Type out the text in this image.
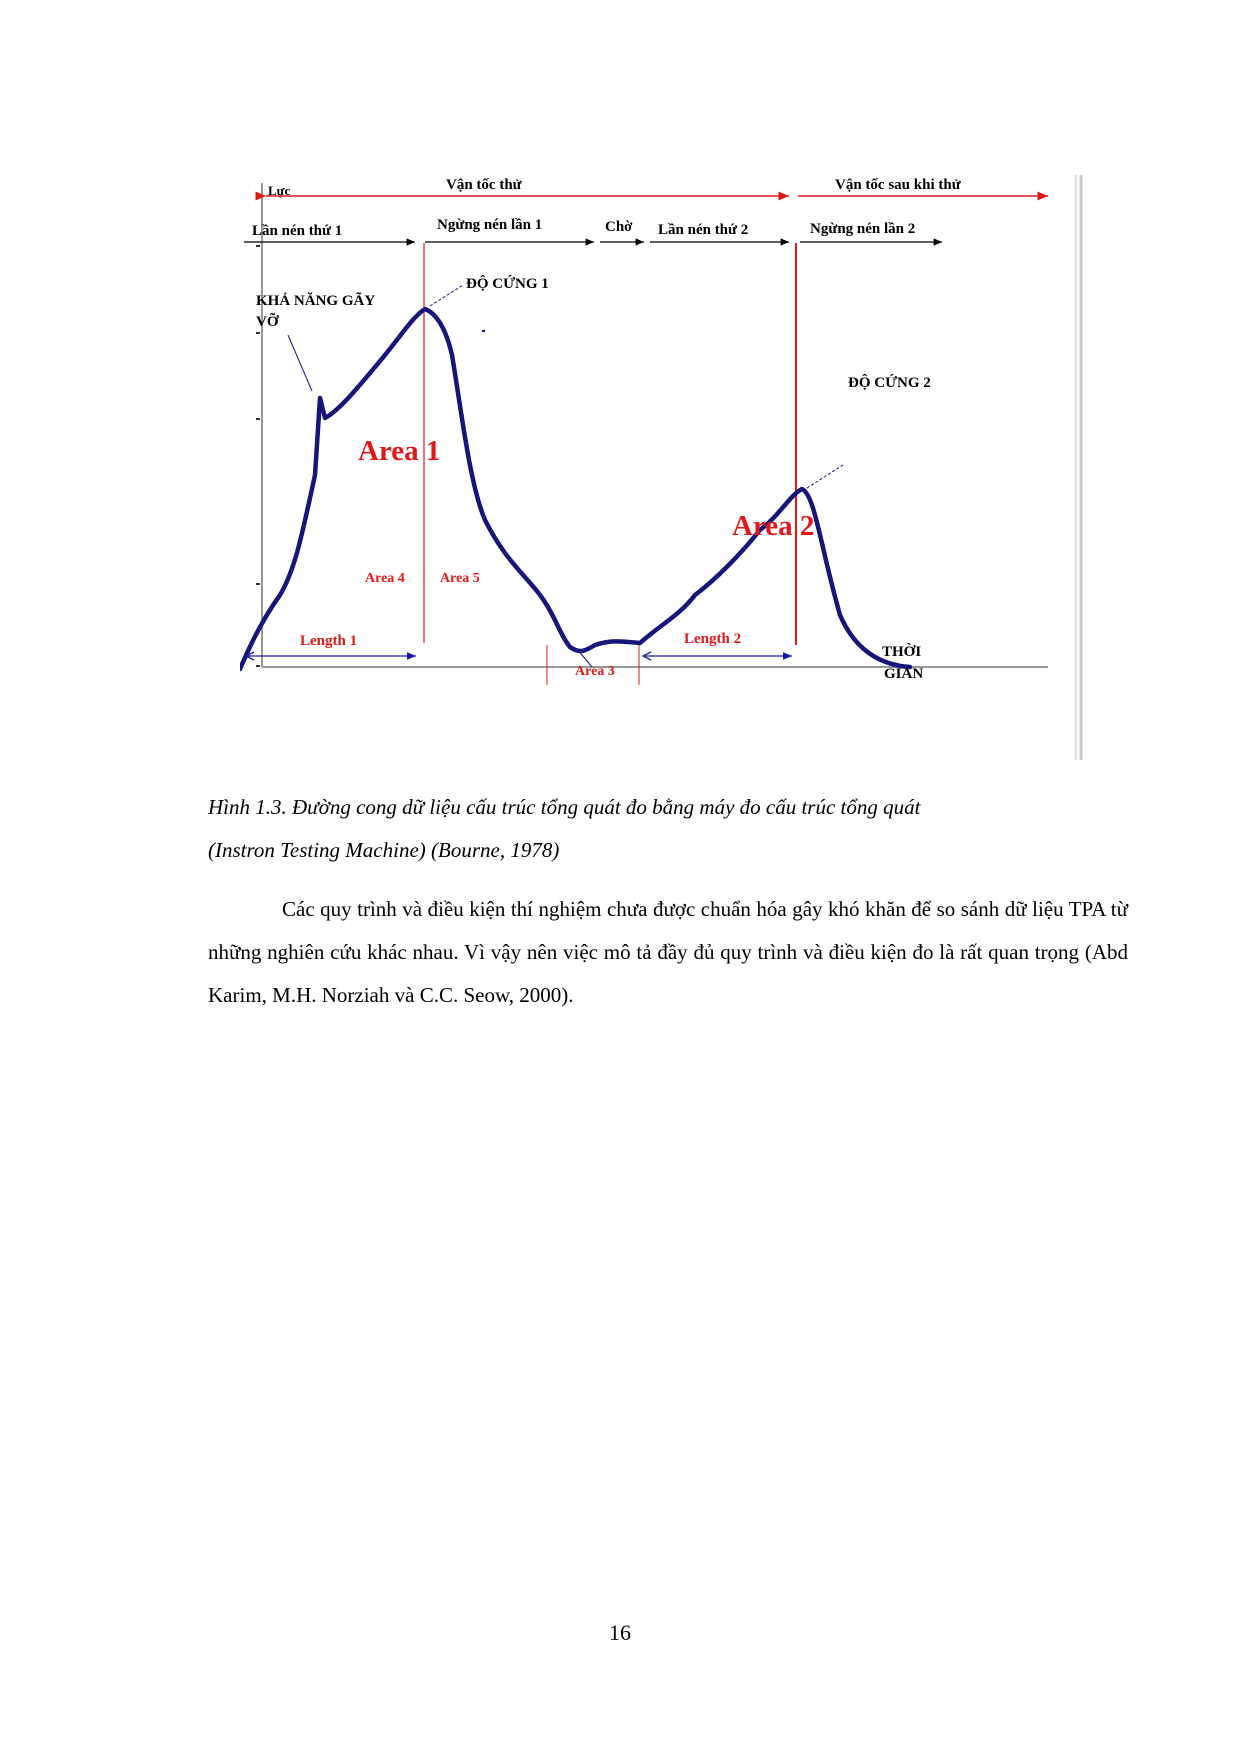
Lực	Vận tốc thử	Vận tốc sau khi thử
Lần nén thứ 1	Ngừng nén lần 1	Chờ Lần nén thứ 2	Ngừng nén lần 2
KHẢ NĂNG GÃY
VỠ
ĐỘ CỨNG 1
ĐỘ CỨNG 2
Area 1
Area 2
Area 3
Area 4	Area 5
Length 1	Length 2
THỜI
GIAN
Hình 1.3. Đường cong dữ liệu cấu trúc tổng quát đo bằng máy đo cấu trúc tổng quát
(Instron Testing Machine) (Bourne, 1978)
Các quy trình và điều kiện thí nghiệm chưa được chuẩn hóa gây khó khăn để so sánh dữ liệu TPA từ những nghiên cứu khác nhau. Vì vậy nên việc mô tả đầy đủ quy trình và điều kiện đo là rất quan trọng (Abd Karim, M.H. Norziah và C.C. Seow, 2000).
16
